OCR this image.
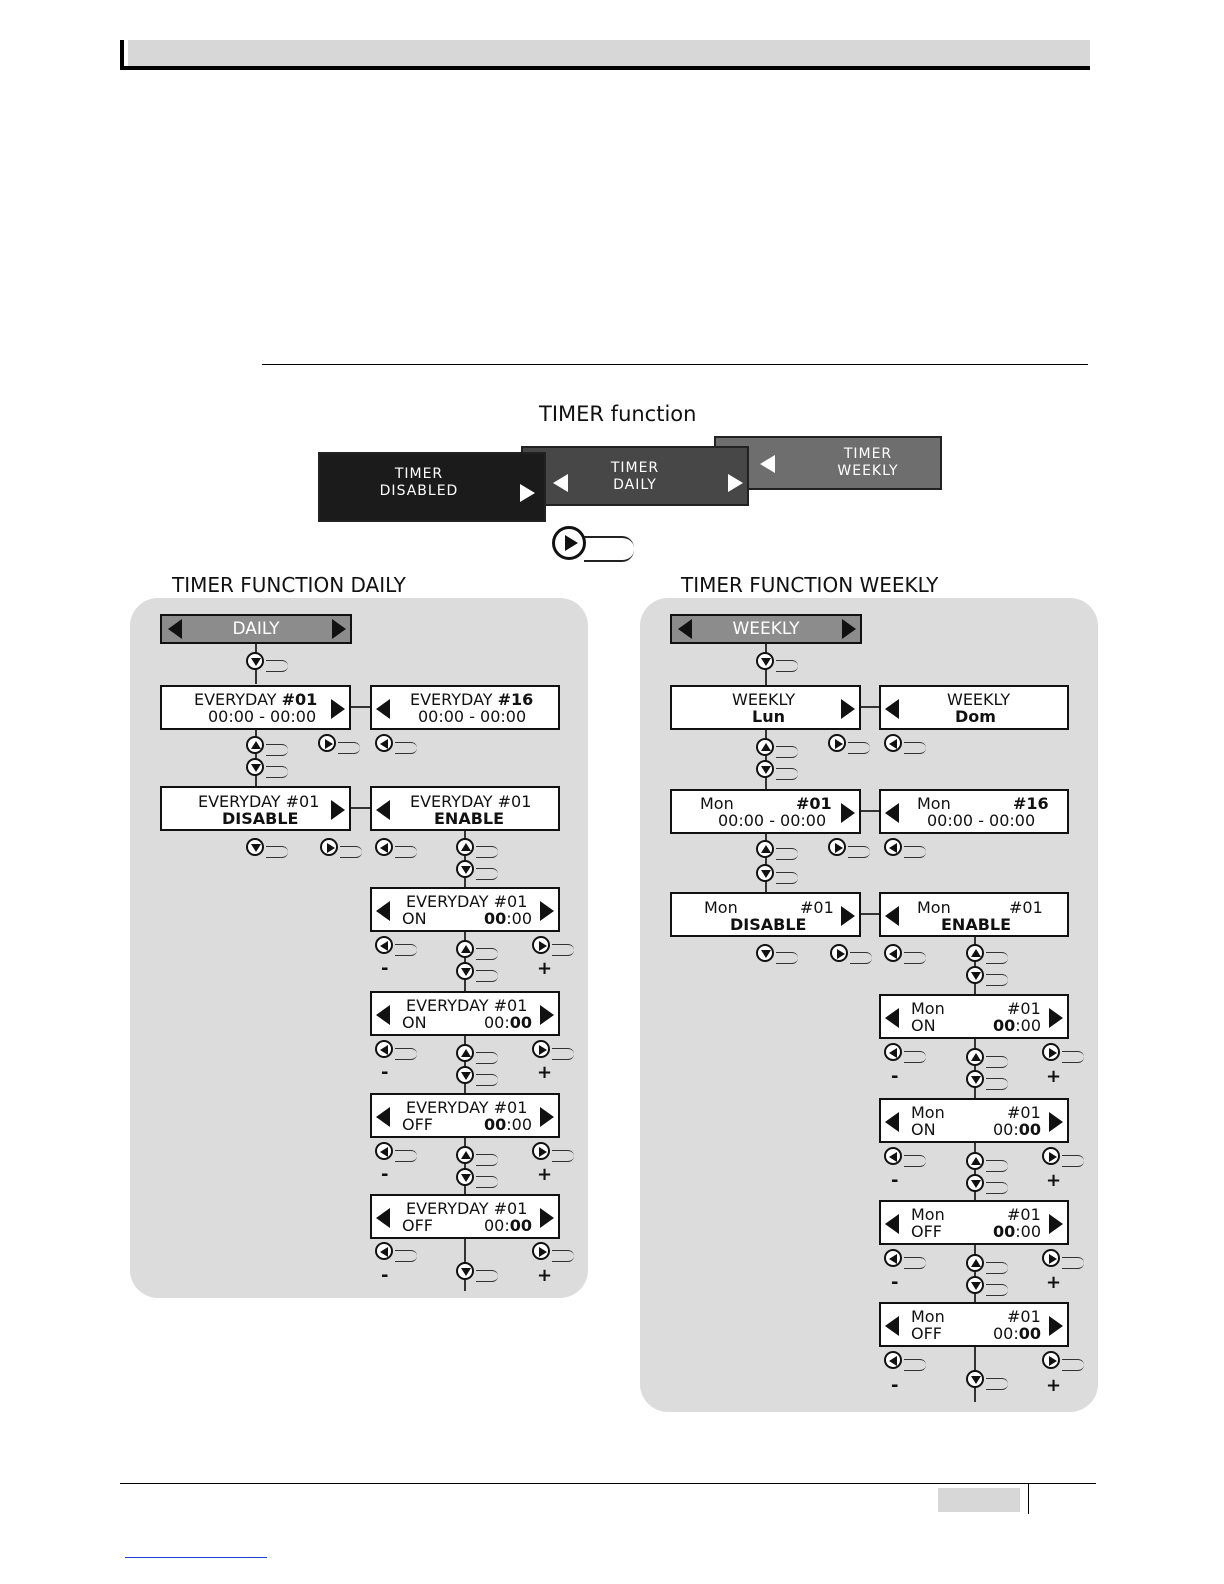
TIMER function
TIMER
WEEKLY
TIMER
DAILY
TIMER
DISABLED
TIMER FUNCTION DAILY	TIMER FUNCTION WEEKLY
DAILY
EVERYDAY #01
00:00 - 00:00
EVERYDAY #16
00:00 - 00:00
EVERYDAY #01
DISABLE
EVERYDAY #01
ENABLE
EVERYDAY #01
ON	00:00
-	+
EVERYDAY #01
ON	00:00
-	+
EVERYDAY #01
OFF	00:00
-	+
EVERYDAY #01
OFF	00:00
-	+
WEEKLY
WEEKLY
Lun
WEEKLY
Dom
Mon	#01
00:00 - 00:00
Mon	#16
00:00 - 00:00
Mon	#01
DISABLE
Mon	#01
ENABLE
Mon	#01
ON	00:00
-	+
Mon	#01
ON	00:00
-	+
Mon	#01
OFF	00:00
-	+
Mon	#01
OFF	00:00
-	+
